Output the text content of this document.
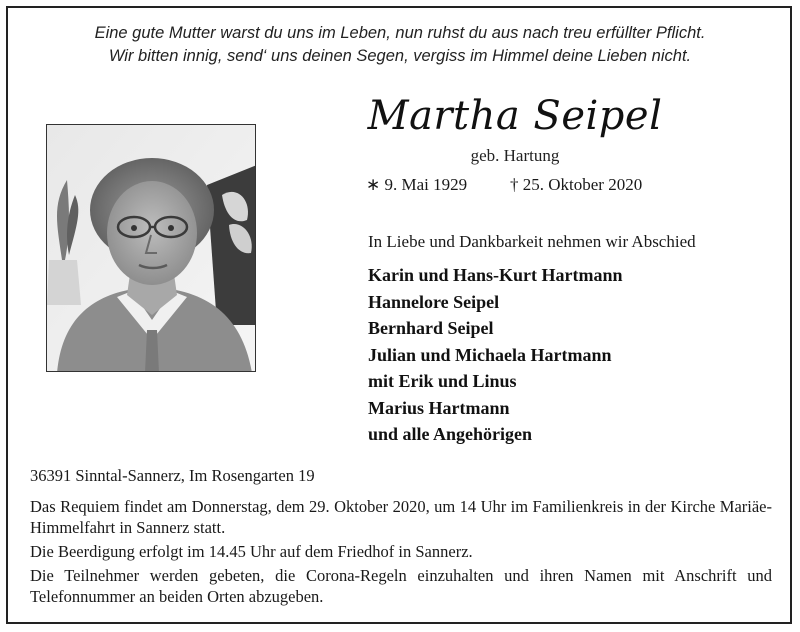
Eine gute Mutter warst du uns im Leben, nun ruhst du aus nach treu erfüllter Pflicht.
Wir bitten innig, send‘ uns deinen Segen, vergiss im Himmel deine Lieben nicht.
Martha Seipel
geb. Hartung
∗ 9. Mai 1929	† 25. Oktober 2020
In Liebe und Dankbarkeit nehmen wir Abschied
Karin und Hans-Kurt Hartmann
Hannelore Seipel
Bernhard Seipel
Julian und Michaela Hartmann
mit Erik und Linus
Marius Hartmann
und alle Angehörigen
36391 Sinntal-Sannerz, Im Rosengarten 19

Das Requiem findet am Donnerstag, dem 29. Oktober 2020, um 14 Uhr im Familienkreis in der Kirche Mariäe-Himmelfahrt in Sannerz statt.

Die Beerdigung erfolgt im 14.45 Uhr auf dem Friedhof in Sannerz.

Die Teilnehmer werden gebeten, die Corona-Regeln einzuhalten und ihren Namen mit Anschrift und Telefonnummer an beiden Orten abzugeben.
